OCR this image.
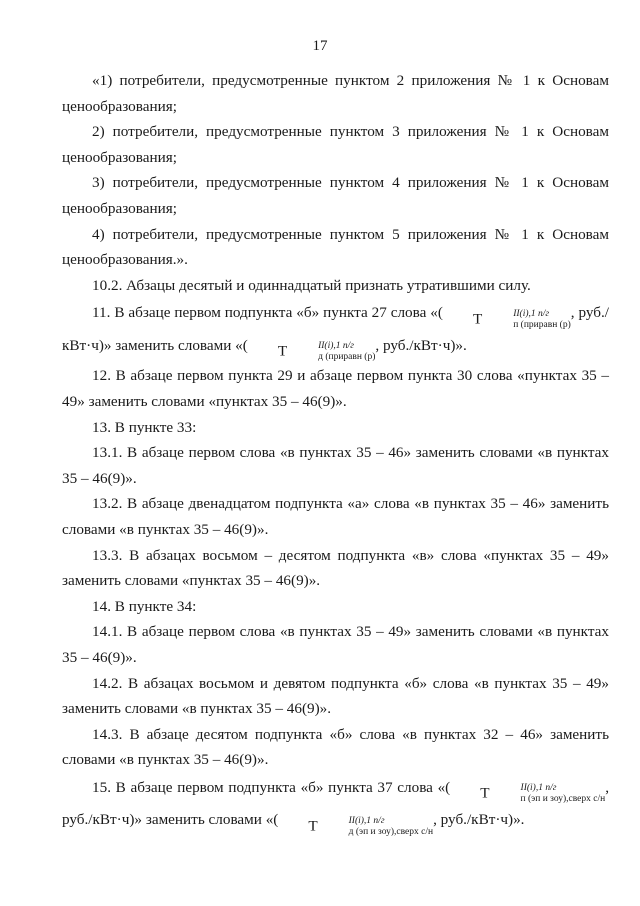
17

«1) потребители, предусмотренные пунктом 2 приложения № 1 к Основам ценообразования;

2) потребители, предусмотренные пунктом 3 приложения № 1 к Основам ценообразования;

3) потребители, предусмотренные пунктом 4 приложения № 1 к Основам ценообразования;

4) потребители, предусмотренные пунктом 5 приложения № 1 к Основам ценообразования.».

10.2. Абзацы десятый и одиннадцатый признать утратившими силу.

11. В абзаце первом подпункта «б» пункта 27 слова «( Т	II(i),1 п/г
п (приравн (р)
, руб./кВт·ч)» заменить словами «( Т	II(i),1 п/г
д (приравн (р)
, руб./кВт·ч)».

12. В абзаце первом пункта 29 и абзаце первом пункта 30 слова «пунктах 35 – 49» заменить словами «пунктах 35 – 46(9)».

13. В пункте 33:

13.1. В абзаце первом слова «в пунктах 35 – 46» заменить словами «в пунктах 35 – 46(9)».

13.2. В абзаце двенадцатом подпункта «а» слова «в пунктах 35 – 46» заменить словами «в пунктах 35 – 46(9)».

13.3. В абзацах восьмом – десятом подпункта «в» слова «пунктах 35 – 49» заменить словами «пунктах 35 – 46(9)».

14. В пункте 34:

14.1. В абзаце первом слова «в пунктах 35 – 49» заменить словами «в пунктах 35 – 46(9)».

14.2. В абзацах восьмом и девятом подпункта «б» слова «в пунктах 35 – 49» заменить словами «в пунктах 35 – 46(9)».

14.3. В абзаце десятом подпункта «б» слова «в пунктах 32 – 46» заменить словами «в пунктах 35 – 46(9)».

15. В абзаце первом подпункта «б» пункта 37 слова «( Т	II(i),1 п/г
п (эп и зоу),сверх с/н
, руб./кВт·ч)» заменить словами «( Т	II(i),1 п/г
д (эп и зоу),сверх с/н
, руб./кВт·ч)».
